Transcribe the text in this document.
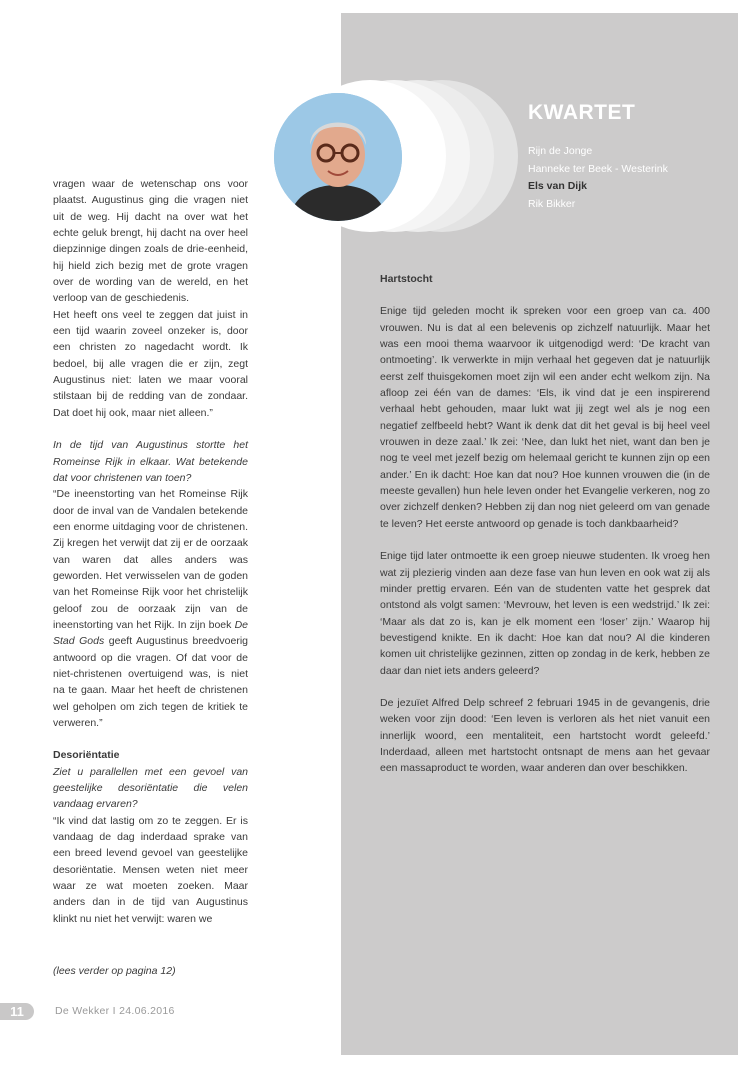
KWARTET
Rijn de Jonge
Hanneke ter Beek - Westerink
Els van Dijk
Rik Bikker

vragen waar de wetenschap ons voor plaatst. Augustinus ging die vragen niet uit de weg. Hij dacht na over wat het echte geluk brengt, hij dacht na over heel diepzinnige dingen zoals de drie-eenheid, hij hield zich bezig met de grote vragen over de wording van de wereld, en het verloop van de geschiedenis.

Het heeft ons veel te zeggen dat juist in een tijd waarin zoveel onzeker is, door een christen zo nagedacht wordt. Ik bedoel, bij alle vragen die er zijn, zegt Augustinus niet: laten we maar vooral stilstaan bij de redding van de zondaar. Dat doet hij ook, maar niet alleen.”

In de tijd van Augustinus stortte het Romeinse Rijk in elkaar. Wat betekende dat voor christenen van toen?

“De ineenstorting van het Romeinse Rijk door de inval van de Vandalen betekende een enorme uitdaging voor de christenen. Zij kregen het verwijt dat zij er de oorzaak van waren dat alles anders was geworden. Het verwisselen van de goden van het Romeinse Rijk voor het christelijk geloof zou de oorzaak zijn van de ineenstorting van het Rijk. In zijn boek De Stad Gods geeft Augustinus breedvoerig antwoord op die vragen. Of dat voor de niet-christenen overtuigend was, is niet na te gaan. Maar het heeft de christenen wel geholpen om zich tegen de kritiek te verweren.”

Desoriëntatie

Ziet u parallellen met een gevoel van geestelijke desoriëntatie die velen vandaag ervaren?

“Ik vind dat lastig om zo te zeggen. Er is vandaag de dag inderdaad sprake van een breed levend gevoel van geestelijke desoriëntatie. Mensen weten niet meer waar ze wat moeten zoeken. Maar anders dan in de tijd van Augustinus klinkt nu niet het verwijt: waren we

(lees verder op pagina 12)

Hartstocht

Enige tijd geleden mocht ik spreken voor een groep van ca. 400 vrouwen. Nu is dat al een belevenis op zichzelf natuurlijk. Maar het was een mooi thema waarvoor ik uitgenodigd werd: ‘De kracht van ontmoeting’. Ik verwerkte in mijn verhaal het gegeven dat je natuurlijk eerst zelf thuisgekomen moet zijn wil een ander echt welkom zijn. Na afloop zei één van de dames: ‘Els, ik vind dat je een inspirerend verhaal hebt gehouden, maar lukt wat jij zegt wel als je nog een negatief zelfbeeld hebt? Want ik denk dat dit het geval is bij heel veel vrouwen in deze zaal.’ Ik zei: ‘Nee, dan lukt het niet, want dan ben je nog te veel met jezelf bezig om helemaal gericht te kunnen zijn op een ander.’ En ik dacht: Hoe kan dat nou? Hoe kunnen vrouwen die (in de meeste gevallen) hun hele leven onder het Evangelie verkeren, nog zo over zichzelf denken? Hebben zij dan nog niet geleerd om van genade te leven? Het eerste antwoord op genade is toch dankbaarheid?

Enige tijd later ontmoette ik een groep nieuwe studenten. Ik vroeg hen wat zij plezierig vinden aan deze fase van hun leven en ook wat zij als minder prettig ervaren. Eén van de studenten vatte het gesprek dat ontstond als volgt samen: ‘Mevrouw, het leven is een wedstrijd.’ Ik zei: ‘Maar als dat zo is, kan je elk moment een ‘loser’ zijn.’ Waarop hij bevestigend knikte. En ik dacht: Hoe kan dat nou? Al die kinderen komen uit christelijke gezinnen, zitten op zondag in de kerk, hebben ze daar dan niet iets anders geleerd?

De jezuïet Alfred Delp schreef 2 februari 1945 in de gevangenis, drie weken voor zijn dood: ‘Een leven is verloren als het niet vanuit een innerlijk woord, een mentaliteit, een hartstocht wordt geleefd.’ Inderdaad, alleen met hartstocht ontsnapt de mens aan het gevaar een massaproduct te worden, waar anderen dan over beschikken.

11	De Wekker I 24.06.2016
